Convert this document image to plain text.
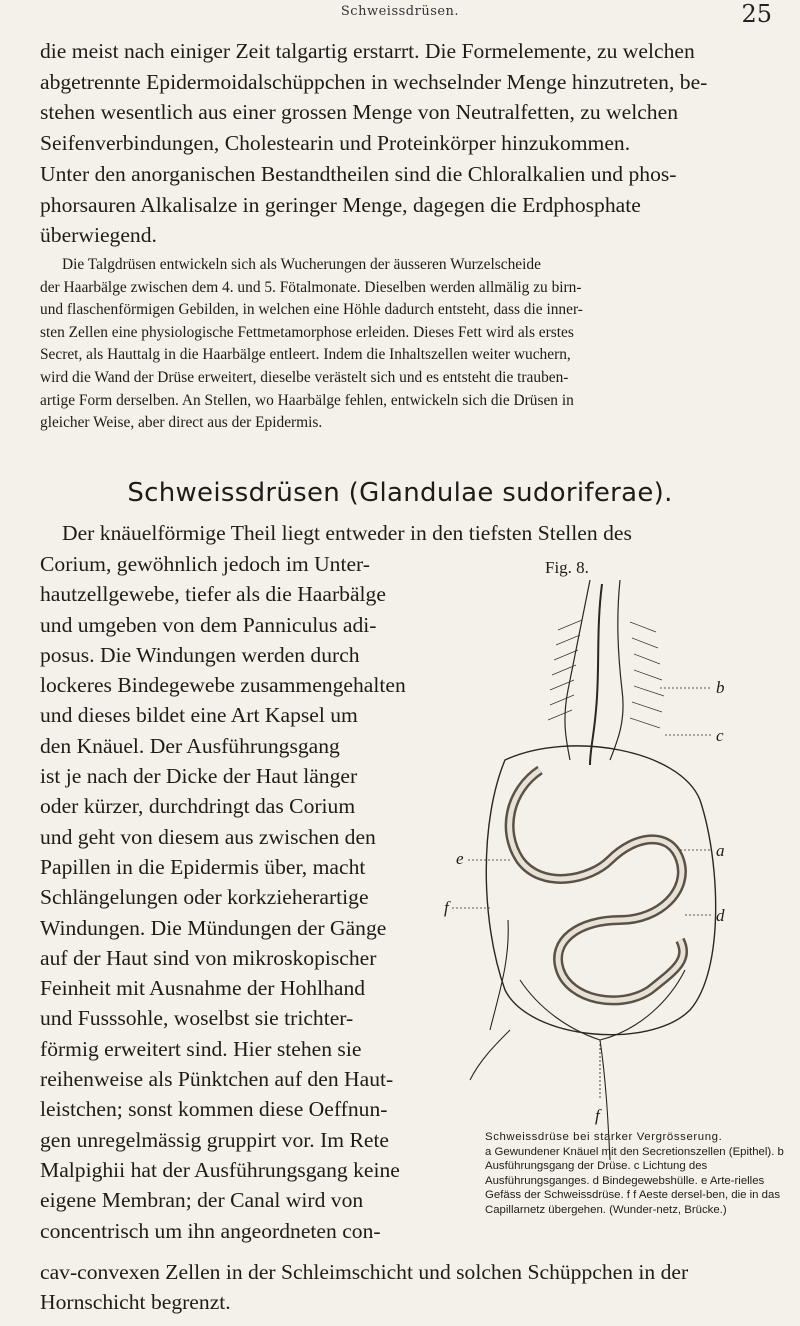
Schweissdrüsen.	25
die meist nach einiger Zeit talgartig erstarrt. Die Formelemente, zu welchen
abgetrennte Epidermoidalschüppchen in wechselnder Menge hinzutreten, be-
stehen wesentlich aus einer grossen Menge von Neutralfetten, zu welchen
Seifenverbindungen, Cholestearin und Proteinkörper hinzukommen.
Unter den anorganischen Bestandtheilen sind die Chloralkalien und phos-
phorsauren Alkalisalze in geringer Menge, dagegen die Erdphosphate
überwiegend.
Die Talgdrüsen entwickeln sich als Wucherungen der äusseren Wurzelscheide
der Haarbälge zwischen dem 4. und 5. Fötalmonate. Dieselben werden allmälig zu birn-
und flaschenförmigen Gebilden, in welchen eine Höhle dadurch entsteht, dass die inner-
sten Zellen eine physiologische Fettmetamorphose erleiden. Dieses Fett wird als erstes
Secret, als Hauttalg in die Haarbälge entleert. Indem die Inhaltszellen weiter wuchern,
wird die Wand der Drüse erweitert, dieselbe verästelt sich und es entsteht die trauben-
artige Form derselben. An Stellen, wo Haarbälge fehlen, entwickeln sich die Drüsen in
gleicher Weise, aber direct aus der Epidermis.
Schweissdrüsen (Glandulae sudoriferae).
Der knäuelförmige Theil liegt entweder in den tiefsten Stellen des
Corium, gewöhnlich jedoch im Unter-
hautzellgewebe, tiefer als die Haarbälge
und umgeben von dem Panniculus adi-
posus. Die Windungen werden durch
lockeres Bindegewebe zusammengehalten
und dieses bildet eine Art Kapsel um
den Knäuel. Der Ausführungsgang
ist je nach der Dicke der Haut länger
oder kürzer, durchdringt das Corium
und geht von diesem aus zwischen den
Papillen in die Epidermis über, macht
Schlängelungen oder korkzieherartige
Windungen. Die Mündungen der Gänge
auf der Haut sind von mikroskopischer
Feinheit mit Ausnahme der Hohlhand
und Fusssohle, woselbst sie trichter-
förmig erweitert sind. Hier stehen sie
reihenweise als Pünktchen auf den Haut-
leistchen; sonst kommen diese Oeffnun-
gen unregelmässig gruppirt vor. Im Rete
Malpighii hat der Ausführungsgang keine
eigene Membran; der Canal wird von
concentrisch um ihn angeordneten con-
Fig. 8.
b
c
a
d
e
f
f

Schweissdrüse bei starker Vergrösserung.
a Gewundener Knäuel mit den Secretionszellen (Epithel). b Ausführungsgang der Drüse. c Lichtung des Ausführungsganges. d Bindegewebshülle. e Arte-rielles Gefäss der Schweissdrüse. f f Aeste dersel-ben, die in das Capillarnetz übergehen. (Wunder-netz, Brücke.)

cav-convexen Zellen in der Schleimschicht und solchen Schüppchen in der
Hornschicht begrenzt.
